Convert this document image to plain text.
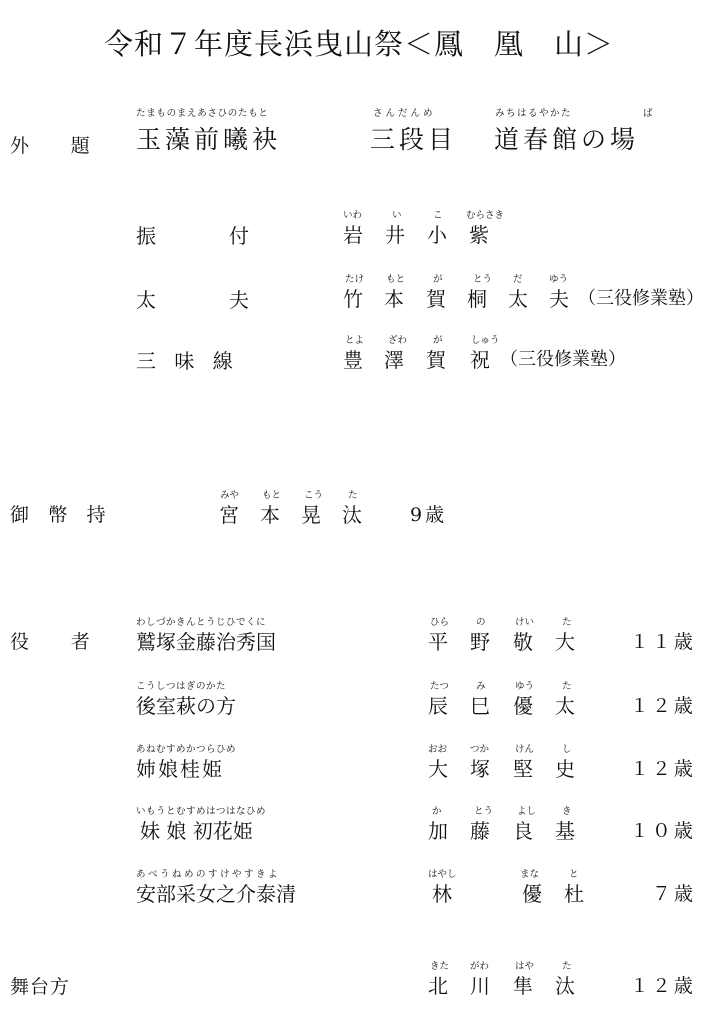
令和７年度長浜曳山祭＜鳳　凰　山＞
外　題
たまものまえあさひのたもと
玉藻前曦袂
さんだんめ
三段目
みちはるやかた	ば
道春館の場
振　　付
いわ	い	こ むらさき
岩 井 小 紫
太　　夫
たけ もと	が	とう だ	ゆう
竹 本 賀 桐 太 夫 （三役修業塾）
三 味 線
とよ	ざわ	が	しゅう
豊 澤 賀 祝 （三役修業塾）
御 幣 持
みや もと こう	た
宮 本 晃 汰	9歳
役　者
わしづかきんとうじひでくに
鷲塚金藤治秀国
ひら	の	けい	た
平 野 敬 大	１１歳
こうしつはぎのかた
後室萩の方
たつ	み	ゆう	た
辰 巳 優 太	１２歳
あねむすめかつらひめ
姉娘桂姫
おお つか	けん	し
大 塚 堅 史	１２歳
いもうとむすめはつはなひめ
妹 娘 初花姫
か	とう	よし	き
加 藤 良 基	１０歳
あべうねめのすけやすきよ
安部采女之介泰清
はやし	まな	と
林	優 杜	７歳
舞台方
きた がわ	はや	た
北 川 隼 汰	１２歳
